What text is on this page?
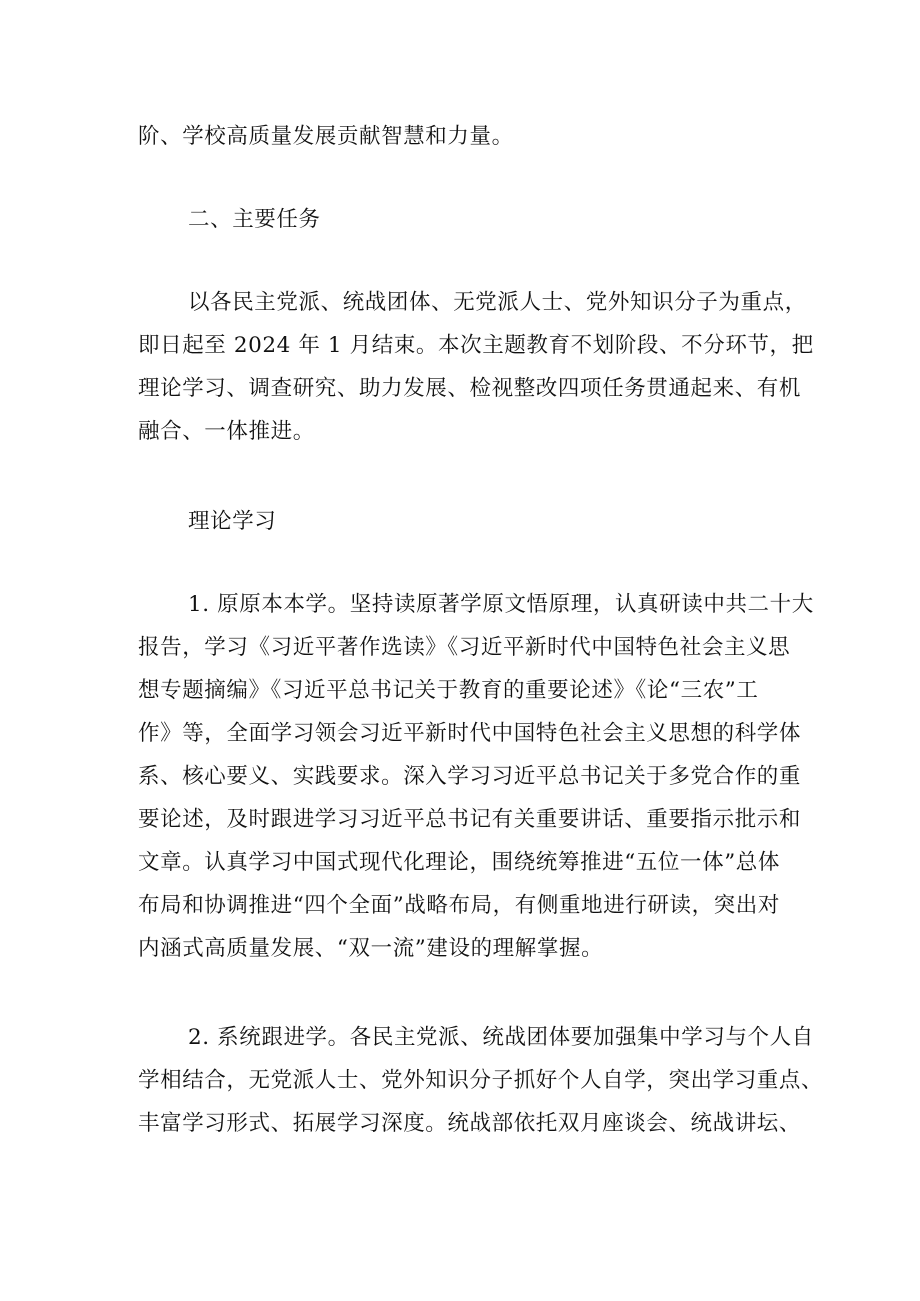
阶、学校高质量发展贡献智慧和力量。
二、主要任务
以各民主党派、统战团体、无党派人士、党外知识分子为重点，
即日起至 2024 年 1 月结束。本次主题教育不划阶段、不分环节，把
理论学习、调查研究、助力发展、检视整改四项任务贯通起来、有机
融合、一体推进。
理论学习
1. 原原本本学。坚持读原著学原文悟原理，认真研读中共二十大
报告，学习《习近平著作选读》《习近平新时代中国特色社会主义思
想专题摘编》《习近平总书记关于教育的重要论述》《论“三农”工
作》等，全面学习领会习近平新时代中国特色社会主义思想的科学体
系、核心要义、实践要求。深入学习习近平总书记关于多党合作的重
要论述，及时跟进学习习近平总书记有关重要讲话、重要指示批示和
文章。认真学习中国式现代化理论，围绕统筹推进“五位一体”总体
布局和协调推进“四个全面”战略布局，有侧重地进行研读，突出对
内涵式高质量发展、“双一流”建设的理解掌握。
2. 系统跟进学。各民主党派、统战团体要加强集中学习与个人自
学相结合，无党派人士、党外知识分子抓好个人自学，突出学习重点、
丰富学习形式、拓展学习深度。统战部依托双月座谈会、统战讲坛、
